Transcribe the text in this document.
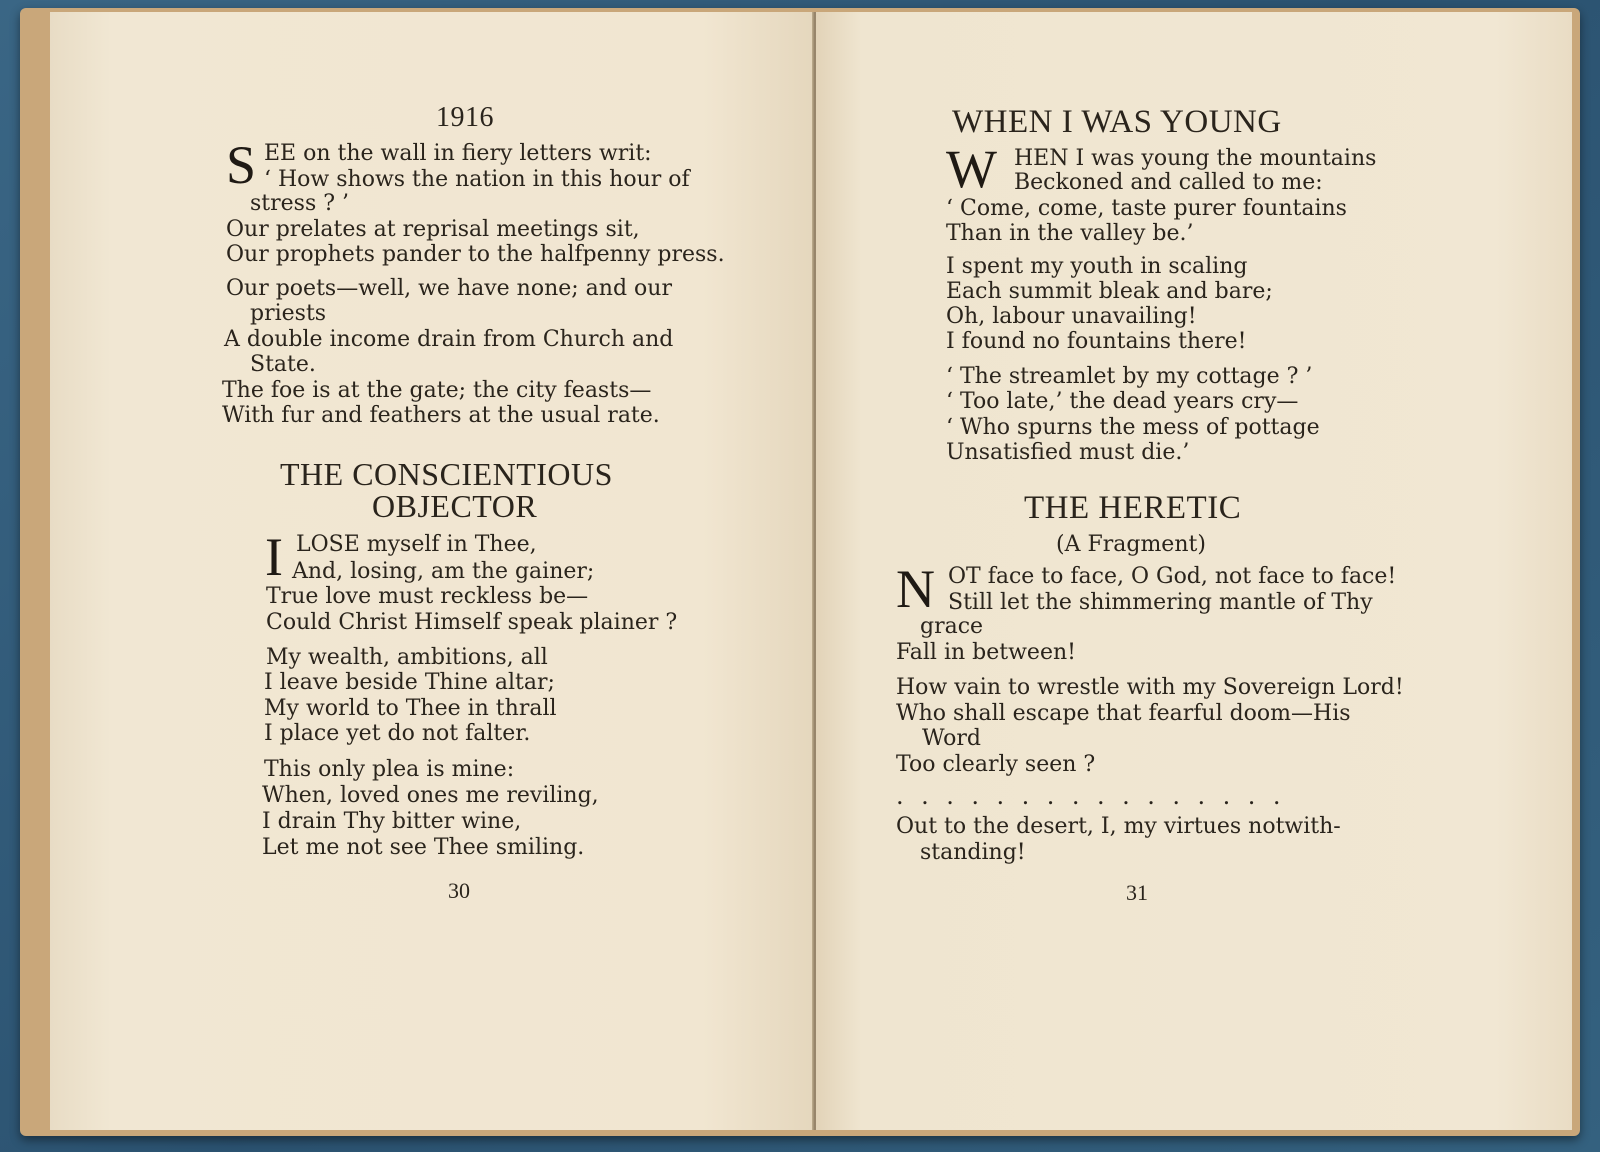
1916
S EE on the wall in fiery letters writ:
‘ How shows the nation in this hour of
stress ? ’
Our prelates at reprisal meetings sit,
Our prophets pander to the halfpenny press.
Our poets—well, we have none; and our
priests
A double income drain from Church and
State.
The foe is at the gate; the city feasts—
With fur and feathers at the usual rate.
THE CONSCIENTIOUS
OBJECTOR
I LOSE myself in Thee,
And, losing, am the gainer;
True love must reckless be—
Could Christ Himself speak plainer ?
My wealth, ambitions, all
I leave beside Thine altar;
My world to Thee in thrall
I place yet do not falter.
This only plea is mine:
When, loved ones me reviling,
I drain Thy bitter wine,
Let me not see Thee smiling.
30
WHEN I WAS YOUNG
W HEN I was young the mountains
Beckoned and called to me:
‘ Come, come, taste purer fountains
Than in the valley be.’
I spent my youth in scaling
Each summit bleak and bare;
Oh, labour unavailing!
I found no fountains there!
‘ The streamlet by my cottage ? ’
‘ Too late,’ the dead years cry—
‘ Who spurns the mess of pottage
Unsatisfied must die.’
THE HERETIC
(A Fragment)
N OT face to face, O God, not face to face!
Still let the shimmering mantle of Thy
grace
Fall in between!
How vain to wrestle with my Sovereign Lord!
Who shall escape that fearful doom—His
Word
Too clearly seen ?
................
Out to the desert, I, my virtues notwith-
standing!
31
